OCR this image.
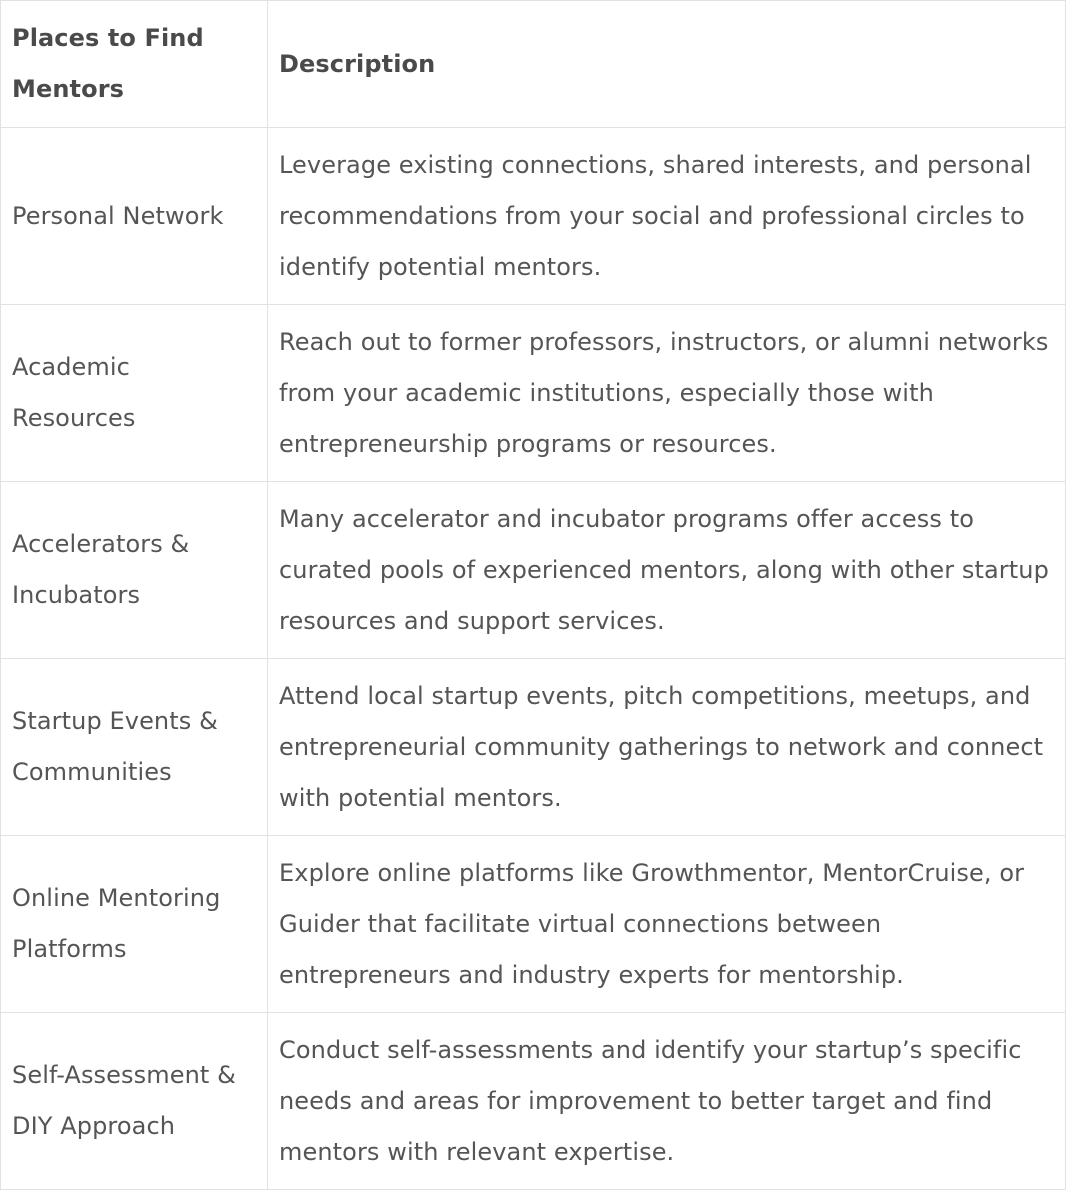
Places to Find Mentors	Description
Personal Network	Leverage existing connections, shared interests, and personal recommendations from your social and professional circles to identify potential mentors.
Academic Resources	Reach out to former professors, instructors, or alumni networks from your academic institutions, especially those with entrepreneurship programs or resources.
Accelerators & Incubators	Many accelerator and incubator programs offer access to curated pools of experienced mentors, along with other startup resources and support services.
Startup Events & Communities	Attend local startup events, pitch competitions, meetups, and entrepreneurial community gatherings to network and connect with potential mentors.
Online Mentoring Platforms	Explore online platforms like Growthmentor, MentorCruise, or Guider that facilitate virtual connections between entrepreneurs and industry experts for mentorship.
Self-Assessment & DIY Approach	Conduct self-assessments and identify your startup’s specific needs and areas for improvement to better target and find mentors with relevant expertise.
